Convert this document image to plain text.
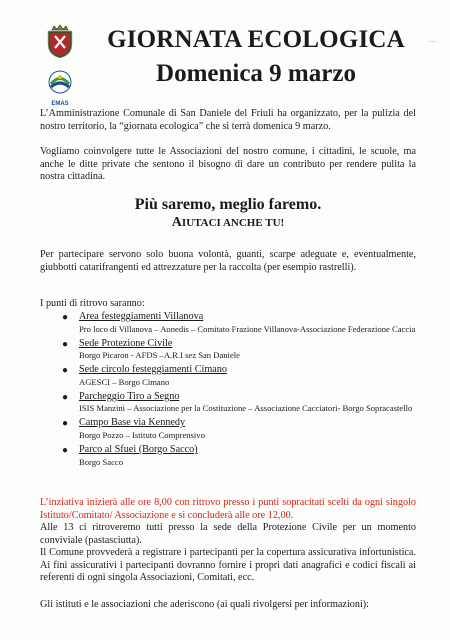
EMAS
⌴
GIORNATA ECOLOGICA
Domenica 9 marzo
L’Amministrazione Comunale di San Daniele del Friuli ha organizzato, per la pulizia del nostro territorio, la “giornata ecologica” che si terrà domenica 9 marzo.
Vogliamo coinvolgere tutte le Associazioni del nostro comune, i cittadini, le scuole, ma anche le ditte private che sentono il bisogno di dare un contributo per rendere pulita la nostra cittadina.
Più saremo, meglio faremo.
AIUTACI ANCHE TU!
Per partecipare servono solo buona volontà, guanti, scarpe adeguate e, eventualmente, giubbotti catarifrangenti ed attrezzature per la raccolta (per esempio rastrelli).
I punti di ritrovo saranno:
● Area festeggiamenti Villanova
Pro loco di Villanova – Aonedis – Comitato Frazione Villanova-Associazione Federazione Caccia
● Sede Protezione Civile
Borgo Picaron - AFDS –A.R.I sez San Daniele
● Sede circolo festeggiamenti Cimano
AGESCI – Borgo Cimano
● Parcheggio Tiro a Segno
ISIS Manzini – Associazione per la Costituzione – Associazione Cacciatori- Borgo Sopracastello
● Campo Base via Kennedy
Borgo Pozzo – Istituto Comprensivo
● Parco al Sfuei (Borgo Sacco)
Borgo Sacco
L’inziativa inizierà alle ore 8,00 con ritrovo presso i punti sopracitati scelti da ogni singolo Istituto/Comitato/ Associazione e si concluderà alle ore 12,00.
Alle 13 ci ritroveremo tutti presso la sede della Protezione Civile per un momento conviviale (pastasciutta).
Il Comune provvederà a registrare i partecipanti per la copertura assicurativa infortunistica. Ai fini assicurativi i partecipanti dovranno fornire i propri dati anagrafici e codici fiscali ai referenti di ogni singola Associazioni, Comitati, ecc.
Gli istituti e le associazioni che aderiscono (ai quali rivolgersi per informazioni):
